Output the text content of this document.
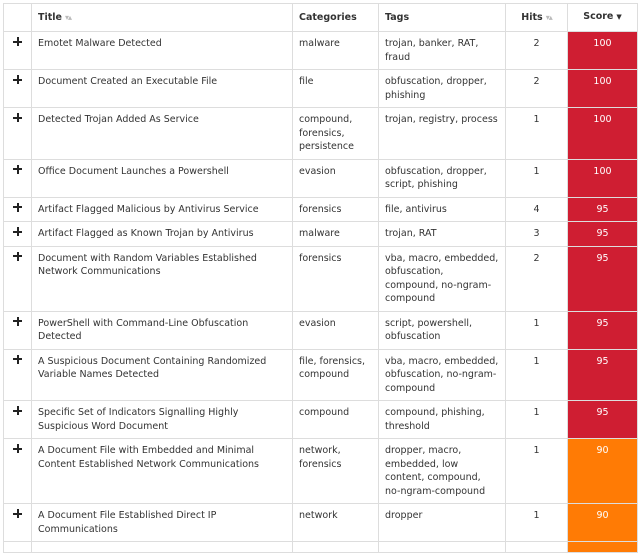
	Title ▾▴	Categories	Tags	Hits ▾▴	Score ▼
	Emotet Malware Detected	malware	trojan, banker, RAT, fraud	2	100
	Document Created an Executable File	file	obfuscation, dropper, phishing	2	100
	Detected Trojan Added As Service	compound, forensics, persistence	trojan, registry, process	1	100
	Office Document Launches a Powershell	evasion	obfuscation, dropper, script, phishing	1	100
	Artifact Flagged Malicious by Antivirus Service	forensics	file, antivirus	4	95
	Artifact Flagged as Known Trojan by Antivirus	malware	trojan, RAT	3	95
	Document with Random Variables Established Network Communications	forensics	vba, macro, embedded, obfuscation, compound, no-ngram-compound	2	95
	PowerShell with Command-Line Obfuscation Detected	evasion	script, powershell, obfuscation	1	95
	A Suspicious Document Containing Randomized Variable Names Detected	file, forensics, compound	vba, macro, embedded, obfuscation, no-ngram-compound	1	95
	Specific Set of Indicators Signalling Highly Suspicious Word Document	compound	compound, phishing, threshold	1	95
	A Document File with Embedded and Minimal Content Established Network Communications	network, forensics	dropper, macro, embedded, low content, compound, no-ngram-compound	1	90
	A Document File Established Direct IP Communications	network	dropper	1	90
